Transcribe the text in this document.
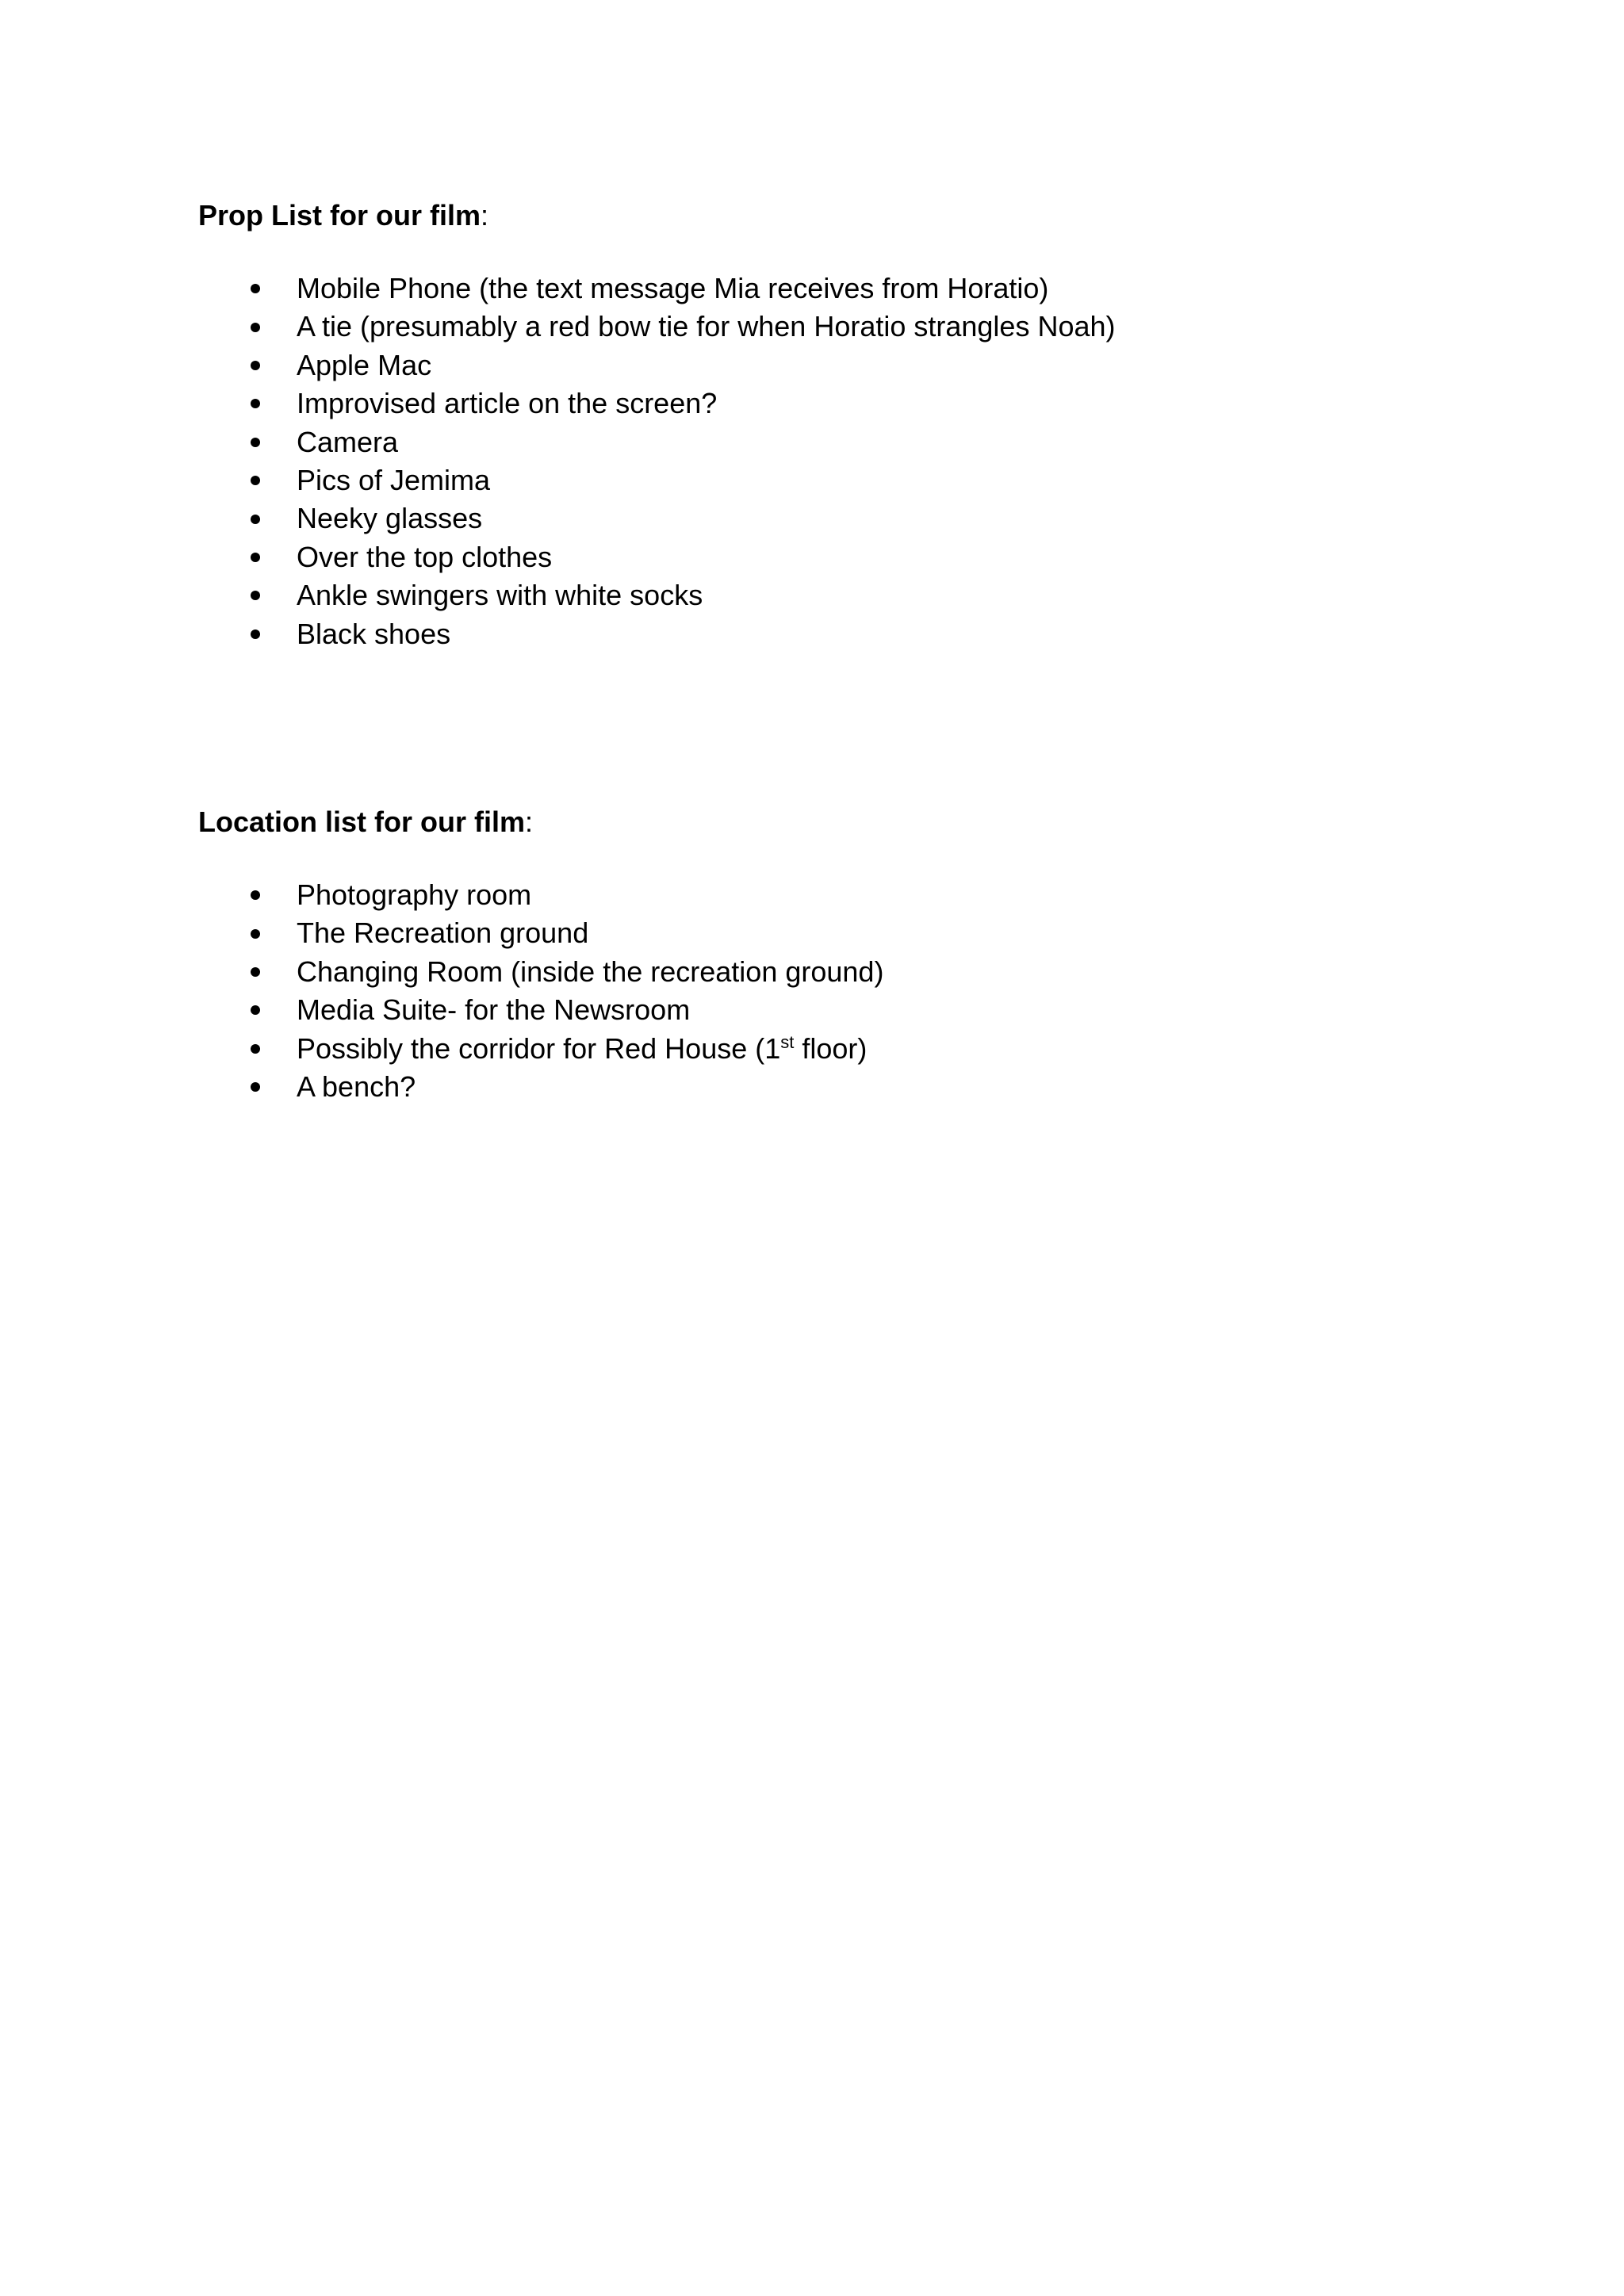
Prop List for our film:
Mobile Phone (the text message Mia receives from Horatio)
A tie (presumably a red bow tie for when Horatio strangles Noah)
Apple Mac
Improvised article on the screen?
Camera
Pics of Jemima
Neeky glasses
Over the top clothes
Ankle swingers with white socks
Black shoes
Location list for our film:
Photography room
The Recreation ground
Changing Room (inside the recreation ground)
Media Suite- for the Newsroom
Possibly the corridor for Red House (1st floor)
A bench?
